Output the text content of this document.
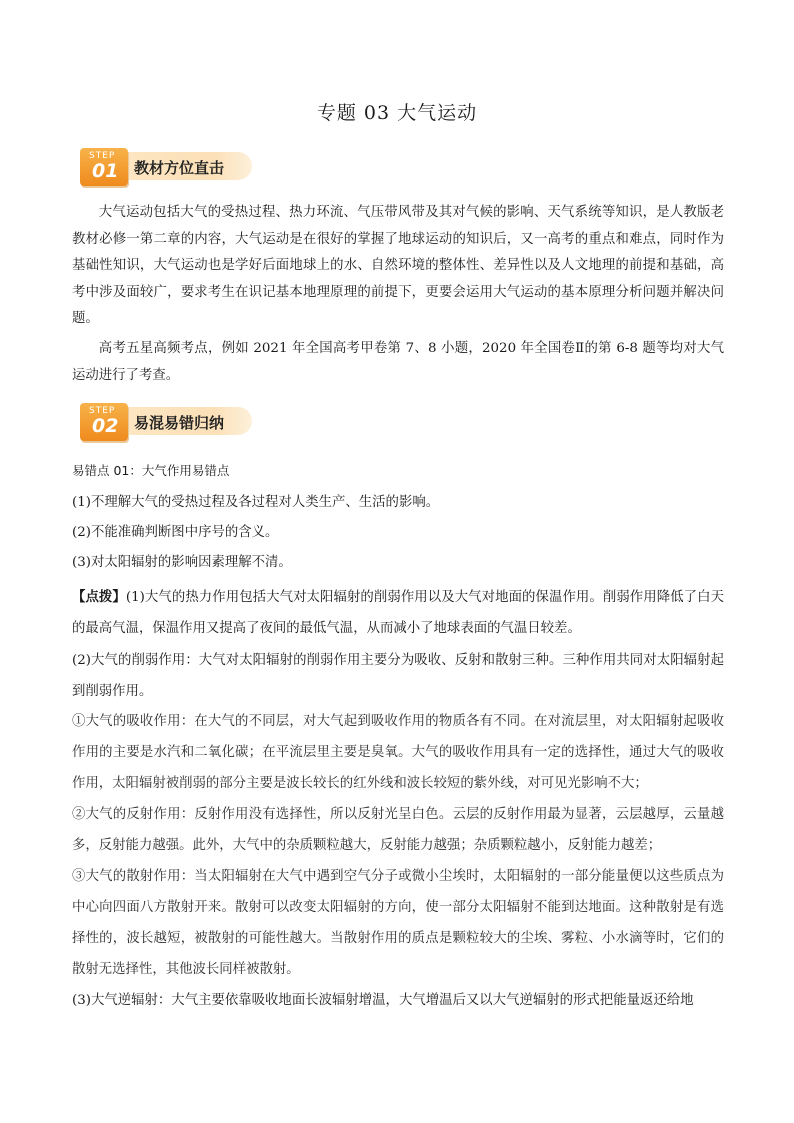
专题 03 大气运动
STEP
01 教材方位直击

大气运动包括大气的受热过程、热力环流、气压带风带及其对气候的影响、天气系统等知识，是人教版老教材必修一第二章的内容，大气运动是在很好的掌握了地球运动的知识后，又一高考的重点和难点，同时作为基础性知识，大气运动也是学好后面地球上的水、自然环境的整体性、差异性以及人文地理的前提和基础，高考中涉及面较广，要求考生在识记基本地理原理的前提下，更要会运用大气运动的基本原理分析问题并解决问题。

高考五星高频考点，例如 2021 年全国高考甲卷第 7、8 小题，2020 年全国卷Ⅱ的第 6-8 题等均对大气运动进行了考查。

STEP
02 易混易错归纳

易错点 01：大气作用易错点

(1)不理解大气的受热过程及各过程对人类生产、生活的影响。

(2)不能准确判断图中序号的含义。

(3)对太阳辐射的影响因素理解不清。

【点拨】(1)大气的热力作用包括大气对太阳辐射的削弱作用以及大气对地面的保温作用。削弱作用降低了白天的最高气温，保温作用又提高了夜间的最低气温，从而减小了地球表面的气温日较差。

(2)大气的削弱作用：大气对太阳辐射的削弱作用主要分为吸收、反射和散射三种。三种作用共同对太阳辐射起到削弱作用。

①大气的吸收作用：在大气的不同层，对大气起到吸收作用的物质各有不同。在对流层里，对太阳辐射起吸收作用的主要是水汽和二氧化碳；在平流层里主要是臭氧。大气的吸收作用具有一定的选择性，通过大气的吸收作用，太阳辐射被削弱的部分主要是波长较长的红外线和波长较短的紫外线，对可见光影响不大；

②大气的反射作用：反射作用没有选择性，所以反射光呈白色。云层的反射作用最为显著，云层越厚，云量越多，反射能力越强。此外，大气中的杂质颗粒越大，反射能力越强；杂质颗粒越小，反射能力越差；

③大气的散射作用：当太阳辐射在大气中遇到空气分子或微小尘埃时，太阳辐射的一部分能量便以这些质点为中心向四面八方散射开来。散射可以改变太阳辐射的方向，使一部分太阳辐射不能到达地面。这种散射是有选择性的，波长越短，被散射的可能性越大。当散射作用的质点是颗粒较大的尘埃、雾粒、小水滴等时，它们的散射无选择性，其他波长同样被散射。

(3)大气逆辐射：大气主要依靠吸收地面长波辐射增温，大气增温后又以大气逆辐射的形式把能量返还给地
